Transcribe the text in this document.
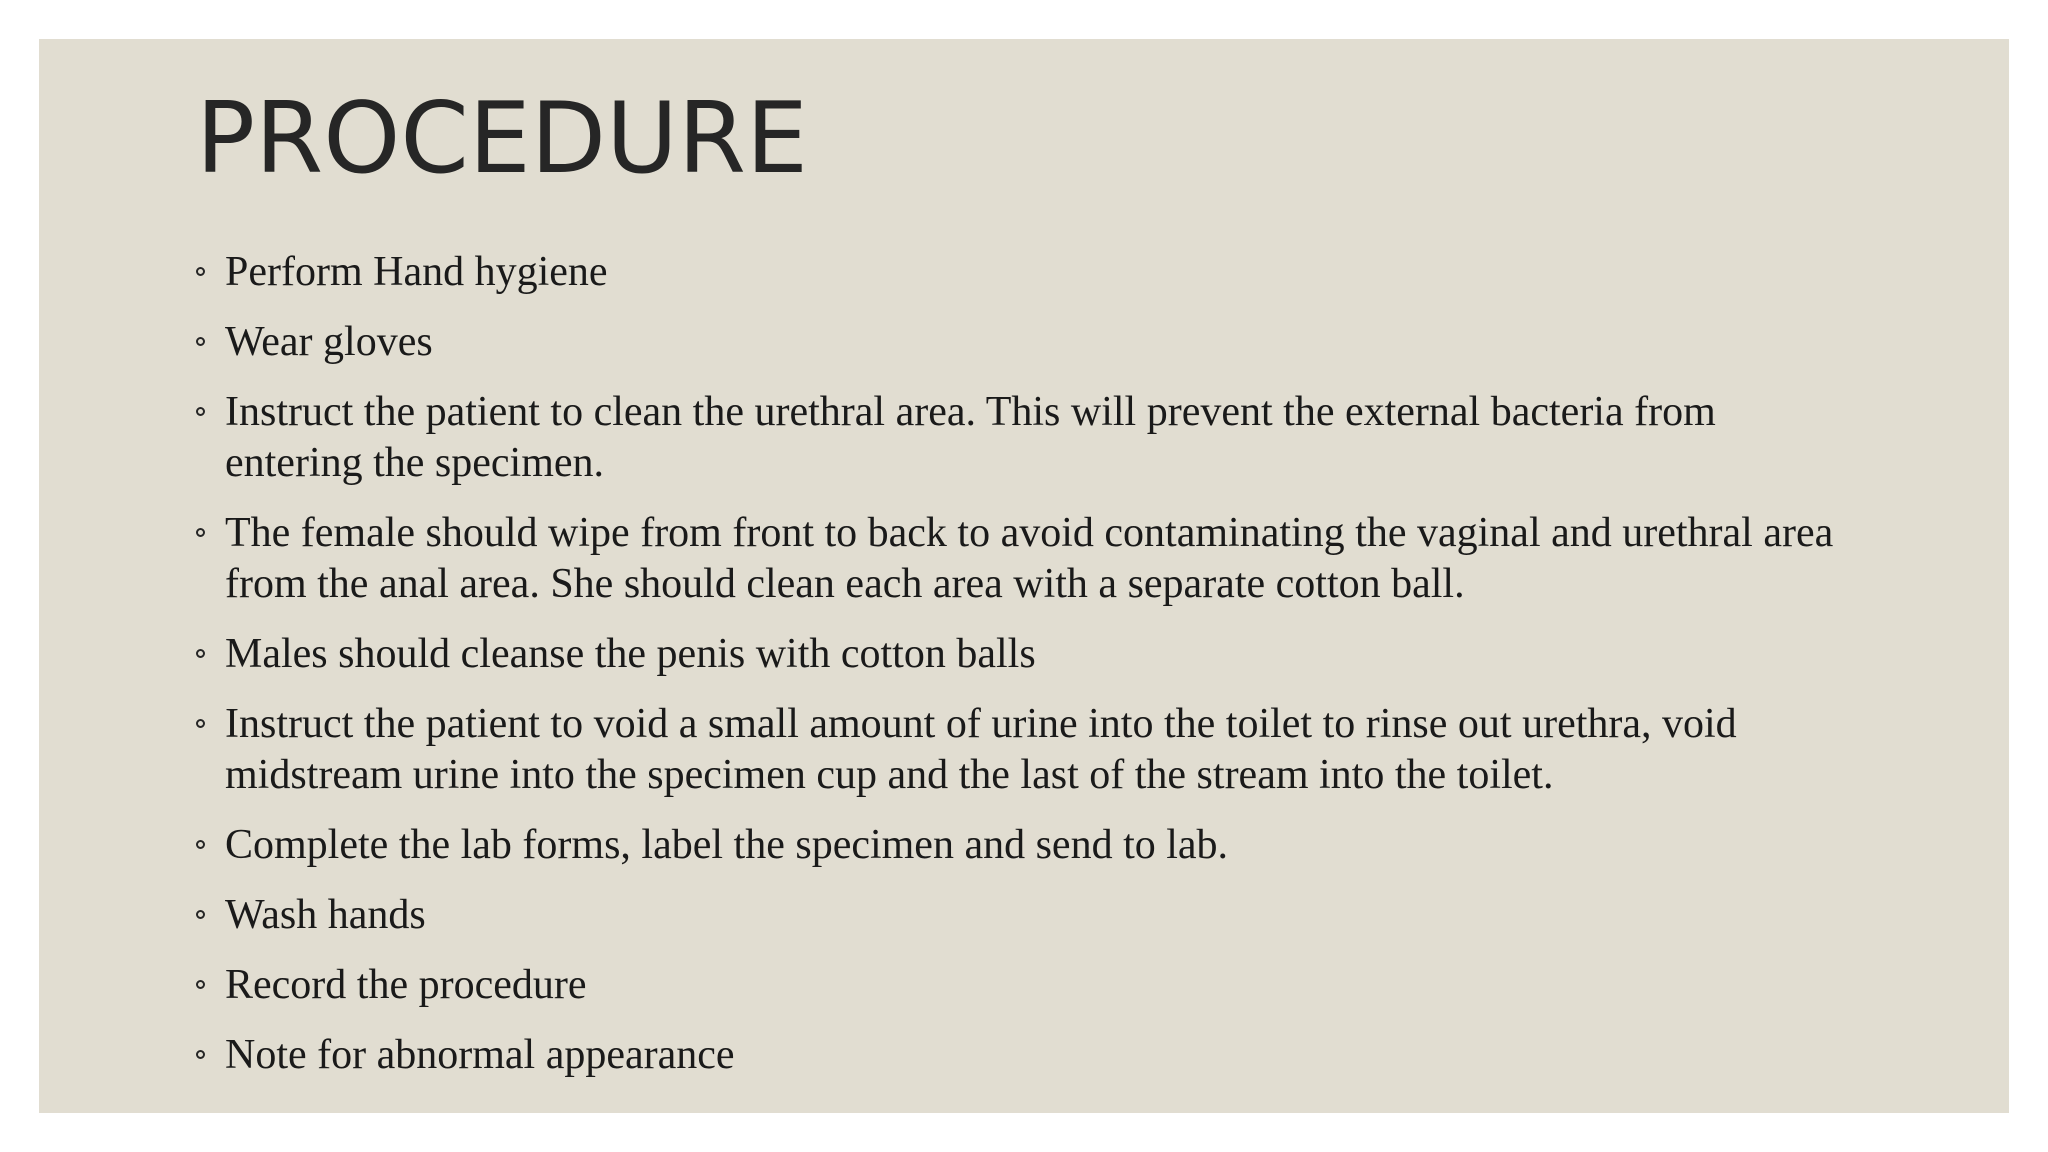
PROCEDURE
Perform Hand hygiene
Wear gloves
Instruct the patient to clean the urethral area. This will prevent the external bacteria from entering the specimen.
The female should wipe from front to back to avoid contaminating the vaginal and urethral area from the anal area. She should clean each area with a separate cotton ball.
Males should cleanse the penis with cotton balls
Instruct the patient to void a small amount of urine into the toilet to rinse out urethra, void midstream urine into the specimen cup and the last of the stream into the toilet.
Complete the lab forms, label the specimen and send to lab.
Wash hands
Record the procedure
Note for abnormal appearance
